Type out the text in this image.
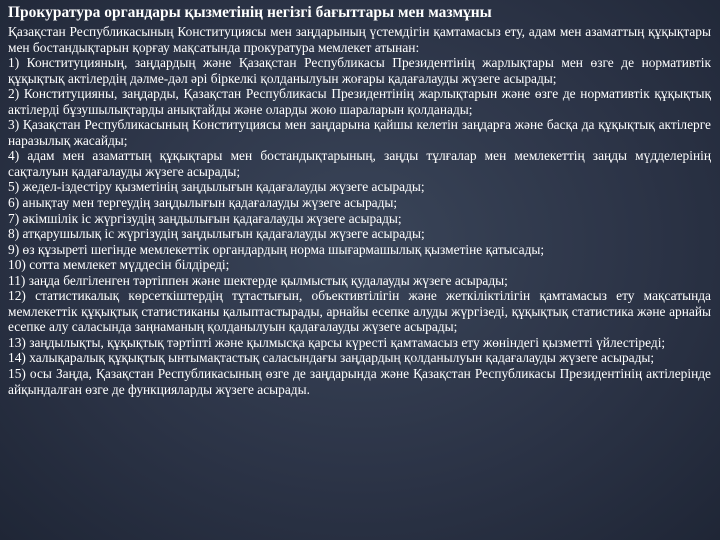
Прокуратура органдары қызметінің негізгі бағыттары мен мазмұны

Қазақстан Республикасының Конституциясы мен заңдарының үстемдігін қамтамасыз ету, адам мен азаматтың құқықтары мен бостандықтарын қорғау мақсатында прокуратура мемлекет атынан:

1) Конституцияның, заңдардың және Қазақстан Республикасы Президентінің жарлықтары мен өзге де нормативтік құқықтық актілердің дәлме-дәл әрі біркелкі қолданылуын жоғары қадағалауды жүзеге асырады;

2) Конституцияны, заңдарды, Қазақстан Республикасы Президентінің жарлықтарын және өзге де нормативтік құқықтық актілерді бұзушылықтарды анықтайды және оларды жою шараларын қолданады;

3) Қазақстан Республикасының Конституциясы мен заңдарына қайшы келетін заңдарға және басқа да құқықтық актілерге наразылық жасайды;

4) адам мен азаматтың құқықтары мен бостандықтарының, заңды тұлғалар мен мемлекеттің заңды мүдделерінің сақталуын қадағалауды жүзеге асырады;

5) жедел-іздестіру қызметінің заңдылығын қадағалауды жүзеге асырады;

6) анықтау мен тергеудің заңдылығын қадағалауды жүзеге асырады;

7) әкімшілік іс жүргізудің заңдылығын қадағалауды жүзеге асырады;

8) атқарушылық іс жүргізудің заңдылығын қадағалауды жүзеге асырады;

9) өз құзыреті шегінде мемлекеттік органдардың норма шығармашылық қызметіне қатысады;

10) сотта мемлекет мүддесін білдіреді;

11) заңда белгіленген тәртіппен және шектерде қылмыстық қудалауды жүзеге асырады;

12) статистикалық көрсеткіштердің тұтастығын, объективтілігін және жеткіліктілігін қамтамасыз ету мақсатында мемлекеттік құқықтық статистиканы қалыптастырады, арнайы есепке алуды жүргізеді, құқықтық статистика және арнайы есепке алу саласында заңнаманың қолданылуын қадағалауды жүзеге асырады;

13) заңдылықты, құқықтық тәртіпті және қылмысқа қарсы күресті қамтамасыз ету жөніндегі қызметті үйлестіреді;

14) халықаралық құқықтық ынтымақтастық саласындағы заңдардың қолданылуын қадағалауды жүзеге асырады;

15) осы Заңда, Қазақстан Республикасының өзге де заңдарында және Қазақстан Республикасы Президентінің актілерінде айқындалған өзге де функцияларды жүзеге асырады.
